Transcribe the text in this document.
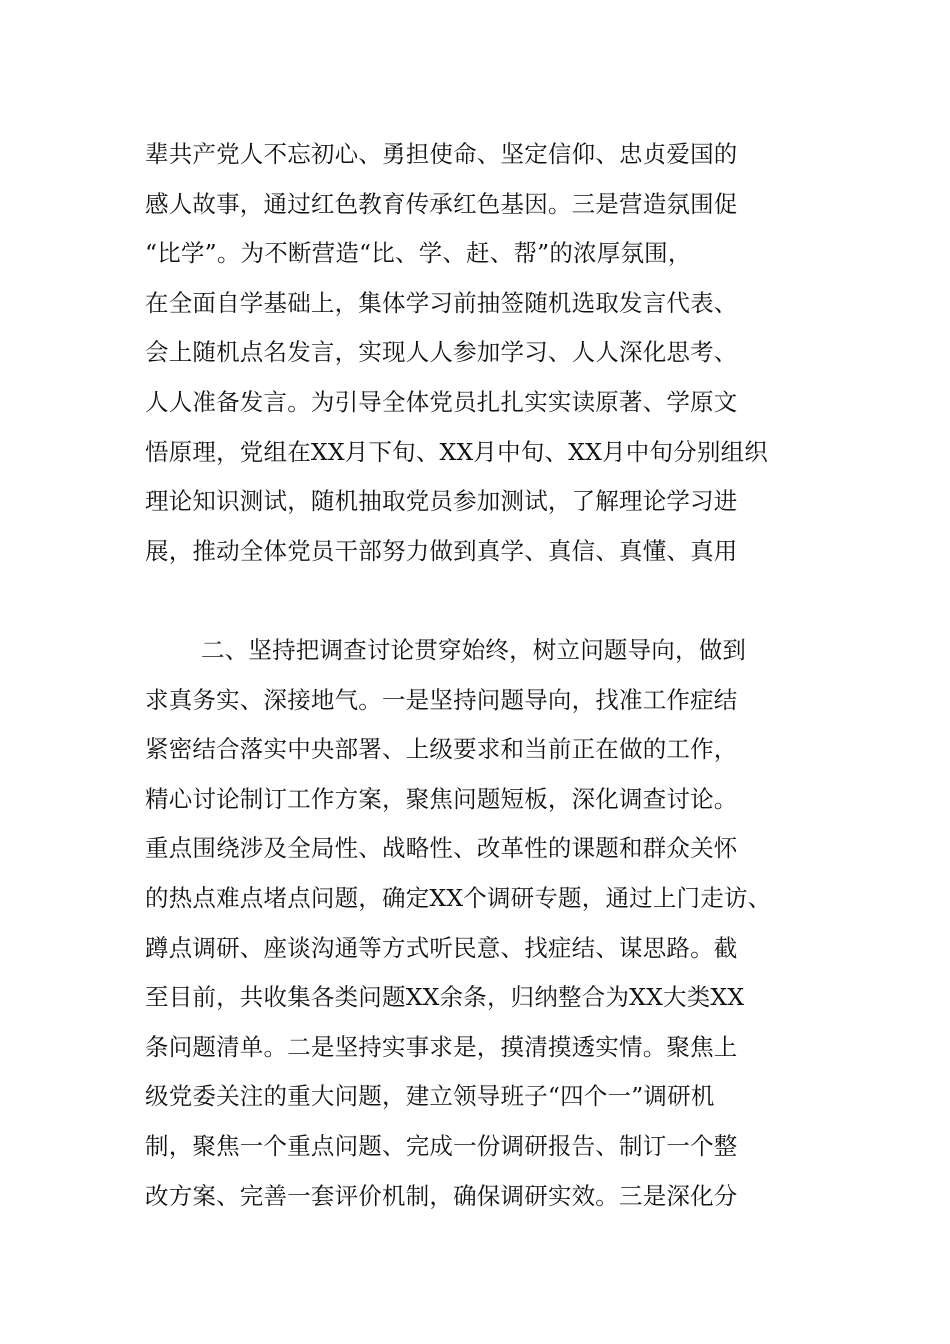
辈共产党人不忘初心、勇担使命、坚定信仰、忠贞爱国的
感人故事，通过红色教育传承红色基因。三是营造氛围促
“比学”。为不断营造“比、学、赶、帮”的浓厚氛围，
在全面自学基础上，集体学习前抽签随机选取发言代表、
会上随机点名发言，实现人人参加学习、人人深化思考、
人人准备发言。为引导全体党员扎扎实实读原著、学原文
悟原理，党组在XX月下旬、XX月中旬、XX月中旬分别组织
理论知识测试，随机抽取党员参加测试，了解理论学习进
展，推动全体党员干部努力做到真学、真信、真懂、真用
二、坚持把调查讨论贯穿始终，树立问题导向，做到
求真务实、深接地气。一是坚持问题导向，找准工作症结
紧密结合落实中央部署、上级要求和当前正在做的工作，
精心讨论制订工作方案，聚焦问题短板，深化调查讨论。
重点围绕涉及全局性、战略性、改革性的课题和群众关怀
的热点难点堵点问题，确定XX个调研专题，通过上门走访、
蹲点调研、座谈沟通等方式听民意、找症结、谋思路。截
至目前，共收集各类问题XX余条，归纳整合为XX大类XX
条问题清单。二是坚持实事求是，摸清摸透实情。聚焦上
级党委关注的重大问题，建立领导班子“四个一”调研机
制，聚焦一个重点问题、完成一份调研报告、制订一个整
改方案、完善一套评价机制，确保调研实效。三是深化分
